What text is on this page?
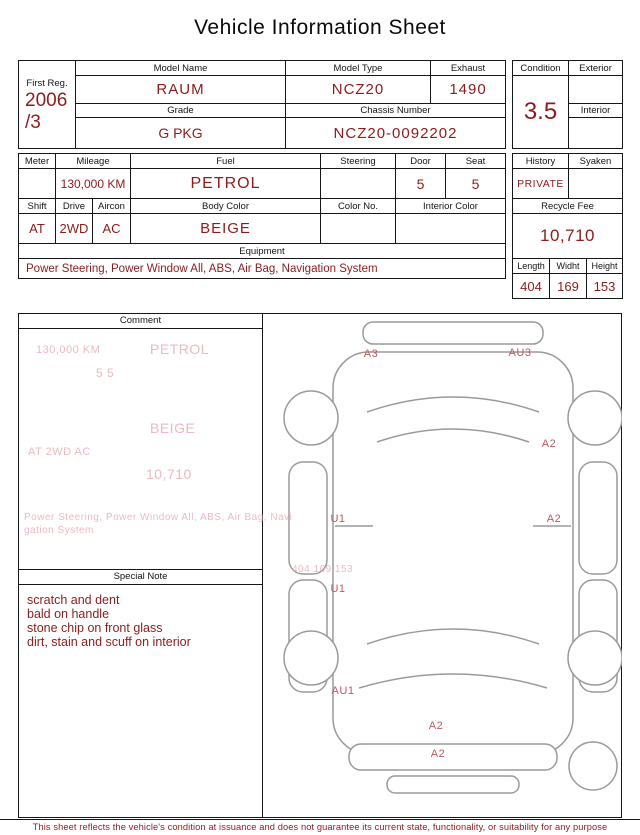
Vehicle Information Sheet
First Reg.
2006
/3	Model Name	Model Type	Exhaust
	RAUM	NCZ20	1490
	Grade	Chassis Number	
	G PKG	NCZ20-0092202	
Condition	Exterior
3.5	
	Interior

Meter	Mileage		Fuel	Steering	Door	Seat
	130,000 KM		PETROL		5	5
Shift	Drive	Aircon	Body Color	Color No.	Interior Color	
AT	2WD	AC	BEIGE			
Equipment						
Power Steering, Power Window All, ABS, Air Bag, Navigation System						
History		Syaken	
PRIVATE			
Recycle Fee			
10,710			
Length	Widht		Height
404	169		153
Comment
Special Note
scratch and dent
bald on handle
stone chip on front glass
dirt, stain and scuff on interior
A3	AU3
A2
U1	A2
U1
AU1
A2
A2
This sheet reflects the vehicle's condition at issuance and does not guarantee its current state, functionality, or suitability for any purpose
130,000 KM	PETROL
5 5
BEIGE
AT 2WD AC
10,710
Power Steering, Power Window All, ABS, Air Bag, Navi
gation System
404 169 153
